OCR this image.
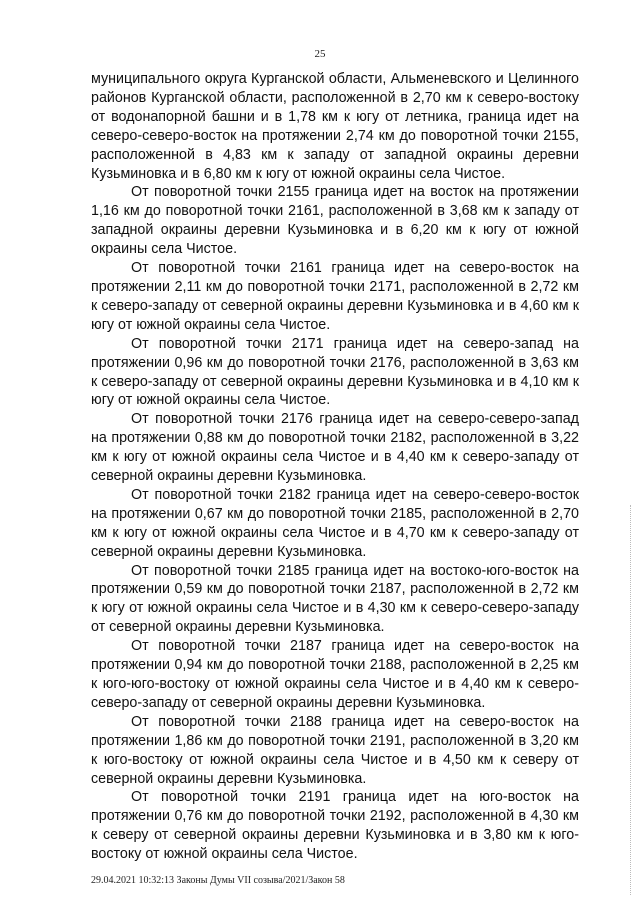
25

муниципального округа Курганской области, Альменевского и Целинного районов Курганской области, расположенной в 2,70 км к северо-востоку от водонапорной башни и в 1,78 км к югу от летника, граница идет на северо-северо-восток на протяжении 2,74 км до поворотной точки 2155, расположенной в 4,83 км к западу от западной окраины деревни Кузьминовка и в 6,80 км к югу от южной окраины села Чистое.

От поворотной точки 2155 граница идет на восток на протяжении 1,16 км до поворотной точки 2161, расположенной в 3,68 км к западу от западной окраины деревни Кузьминовка и в 6,20 км к югу от южной окраины села Чистое.

От поворотной точки 2161 граница идет на северо-восток на протяжении 2,11 км до поворотной точки 2171, расположенной в 2,72 км к северо-западу от северной окраины деревни Кузьминовка и в 4,60 км к югу от южной окраины села Чистое.

От поворотной точки 2171 граница идет на северо-запад на протяжении 0,96 км до поворотной точки 2176, расположенной в 3,63 км к северо-западу от северной окраины деревни Кузьминовка и в 4,10 км к югу от южной окраины села Чистое.

От поворотной точки 2176 граница идет на северо-северо-запад на протяжении 0,88 км до поворотной точки 2182, расположенной в 3,22 км к югу от южной окраины села Чистое и в 4,40 км к северо-западу от северной окраины деревни Кузьминовка.

От поворотной точки 2182 граница идет на северо-северо-восток на протяжении 0,67 км до поворотной точки 2185, расположенной в 2,70 км к югу от южной окраины села Чистое и в 4,70 км к северо-западу от северной окраины деревни Кузьминовка.

От поворотной точки 2185 граница идет на востоко-юго-восток на протяжении 0,59 км до поворотной точки 2187, расположенной в 2,72 км к югу от южной окраины села Чистое и в 4,30 км к северо-северо-западу от северной окраины деревни Кузьминовка.

От поворотной точки 2187 граница идет на северо-восток на протяжении 0,94 км до поворотной точки 2188, расположенной в 2,25 км к юго-юго-востоку от южной окраины села Чистое и в 4,40 км к северо-северо-западу от северной окраины деревни Кузьминовка.

От поворотной точки 2188 граница идет на северо-восток на протяжении 1,86 км до поворотной точки 2191, расположенной в 3,20 км к юго-востоку от южной окраины села Чистое и в 4,50 км к северу от северной окраины деревни Кузьминовка.

От поворотной точки 2191 граница идет на юго-восток на протяжении 0,76 км до поворотной точки 2192, расположенной в 4,30 км к северу от северной окраины деревни Кузьминовка и в 3,80 км к юго-востоку от южной окраины села Чистое.

29.04.2021 10:32:13 Законы Думы VII созыва/2021/Закон 58
